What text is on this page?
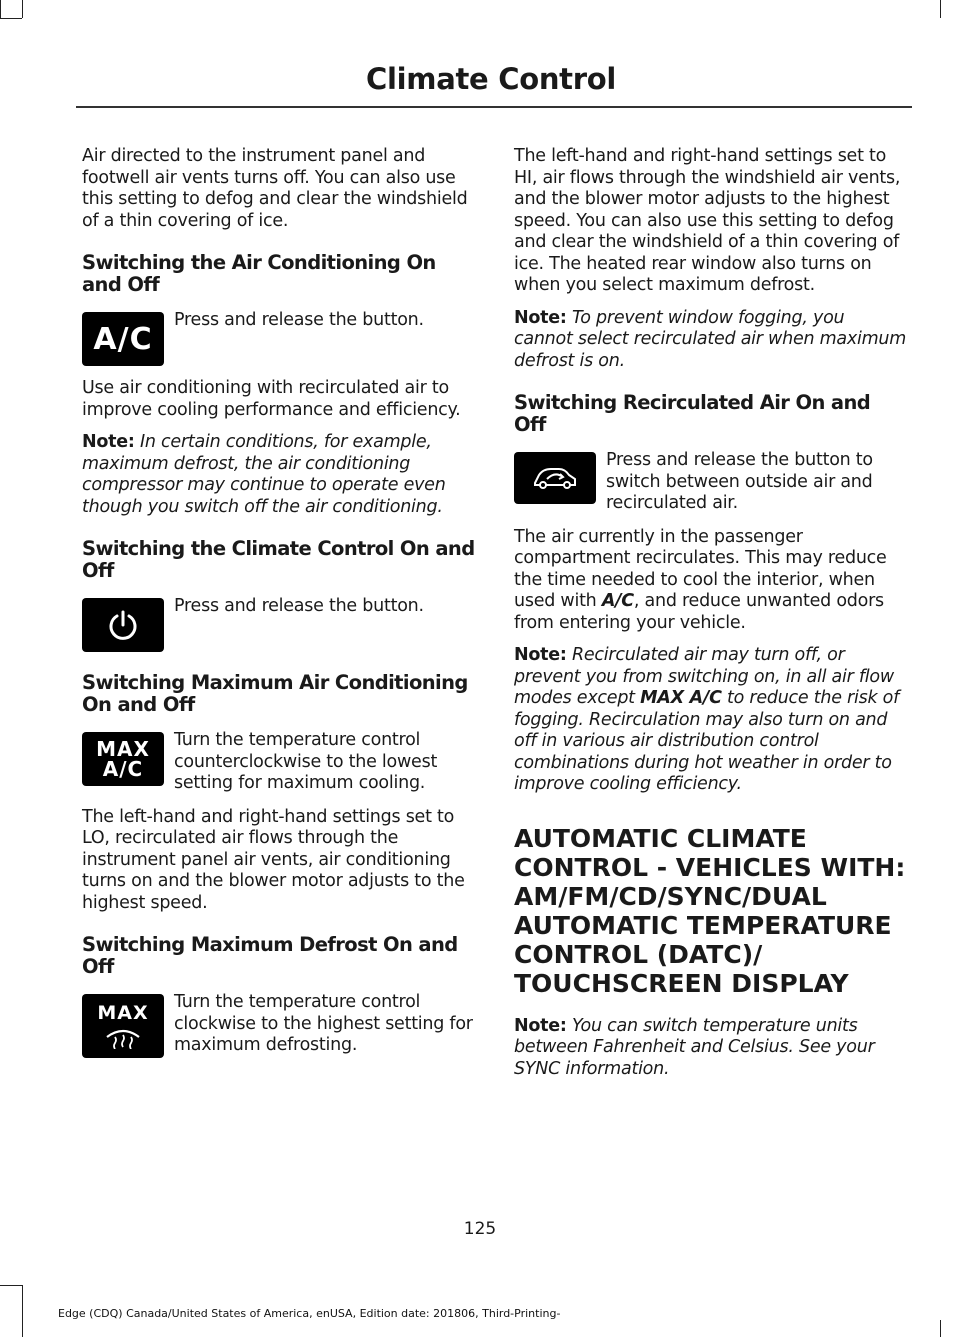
Climate Control

Air directed to the instrument panel and footwell air vents turns off. You can also use this setting to defog and clear the windshield of a thin covering of ice.

Switching the Air Conditioning On and Off
A/C

Press and release the button.

Use air conditioning with recirculated air to improve cooling performance and efficiency.

Note: In certain conditions, for example, maximum defrost, the air conditioning compressor may continue to operate even though you switch off the air conditioning.

Switching the Climate Control On and Off

Press and release the button.

Switching Maximum Air Conditioning On and Off
MAX
A/C

Turn the temperature control counterclockwise to the lowest setting for maximum cooling.

The left-hand and right-hand settings set to LO, recirculated air flows through the instrument panel air vents, air conditioning turns on and the blower motor adjusts to the highest speed.

Switching Maximum Defrost On and Off
MAX Turn the temperature control clockwise to the highest setting for maximum defrosting.

The left-hand and right-hand settings set to HI, air flows through the windshield air vents, and the blower motor adjusts to the highest speed. You can also use this setting to defog and clear the windshield of a thin covering of ice. The heated rear window also turns on when you select maximum defrost.

Note: To prevent window fogging, you cannot select recirculated air when maximum defrost is on.

Switching Recirculated Air On and Off

Press and release the button to switch between outside air and recirculated air.

The air currently in the passenger compartment recirculates. This may reduce the time needed to cool the interior, when used with A/C, and reduce unwanted odors from entering your vehicle.

Note: Recirculated air may turn off, or prevent you from switching on, in all air flow modes except MAX A/C to reduce the risk of fogging. Recirculation may also turn on and off in various air distribution control combinations during hot weather in order to improve cooling efficiency.

AUTOMATIC CLIMATE
CONTROL - VEHICLES WITH:
AM/FM/CD/SYNC/DUAL
AUTOMATIC TEMPERATURE
CONTROL (DATC)/
TOUCHSCREEN DISPLAY

Note: You can switch temperature units between Fahrenheit and Celsius. See your SYNC information.

125
Edge (CDQ) Canada/United States of America, enUSA, Edition date: 201806, Third-Printing-
